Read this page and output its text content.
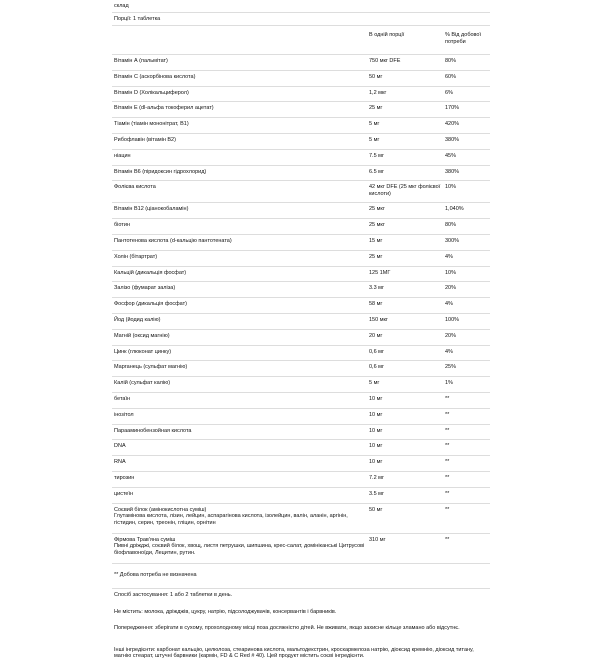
склад
Порції: 1 таблетка
	В одній порції	% Від добової потреби

Вітамін А (пальмітат)	750 мкг DFE	80%

Вітамін С (аскорбінова кислота)	50 мг	60%

Вітамін D (Холікальциферол)	1,2 мкг	6%

Вітамін Е (dl-альфа токоферил ацетат)	25 мг	170%

Тіамін (тіамін мононітрат, В1)	5 мг	420%

Рибофлавін (вітамін В2)	5 мг	380%

ніацин	7.5 мг	45%

Вітамін В6 (піридоксин гідрохлорид)	6.5 мг	380%

Фолієва кислота	42 мкг DFE (25 мкг фолієвої кислоти)	10%

Вітамін В12 (ціанокобаламін)	25 мкг	1,040%

біотин	25 мкг	80%

Пантотенова кислота (d-кальцію пантотената)	15 мг	300%

Холін (бітартрат)	25 мг	4%

Кальцій (дикальція фосфат)	125 1МГ	10%

Залізо (фумарат заліза)	3.3 мг	20%

Фосфор (дикальція фосфат)	58 мг	4%

Йод (йодид калію)	150 мкг	100%

Магній (оксид магнію)	20 мг	20%

Цинк (глюконат цинку)	0,6 мг	4%

Марганець (сульфат магнію)	0,6 мг	25%

Калій (сульфат калію)	5 мг	1%

бетаїн	10 мг	**

інозітол	10 мг	**

Парааминобензойная кислота	10 мг	**

DNA	10 мг	**

RNA	10 мг	**

тирозин	7.2 мг	**

цистеїн	3.5 мг	**

Соєвий білок (амінокислотна суміш)
Глутамінова кислота, лізин, лейцин, аспарагінова кислота, ізолейцин, валін, аланін, аргінін, гістидин, серин, треонін, гліцин, орнітин	50 мг	**

Фірмова Трав'яна суміш
Пивні дріжджі, соєвий білок, хвощ, листя петрушки, шипшина, крес-салат, домініканські Цитрусові біофлавоноїди, Лецитин, рутин.	310 мг	**
** Добова потреба не визначена
Спосіб застосування: 1 або 2 таблетки в день.
Не містить: молока, дріжджів, цукру, натрію, підсолоджувачів, консервантів і барвників.
Попередження: зберігати в сухому, прохолодному місці поза досяжністю дітей. Не вживати, якщо захисне кільце зламано або відсутнє.
Інші інгредієнти: карбонат кальцію, целюлоза, стеаринова кислота, мальтодекстрин, кроскармелоза натрію, діоксид кремнію, діоксид титану, магнію стеарат, штучні барвники (кармін, FD & C Red # 40). Цей продукт містить соєві інгредієнти.
